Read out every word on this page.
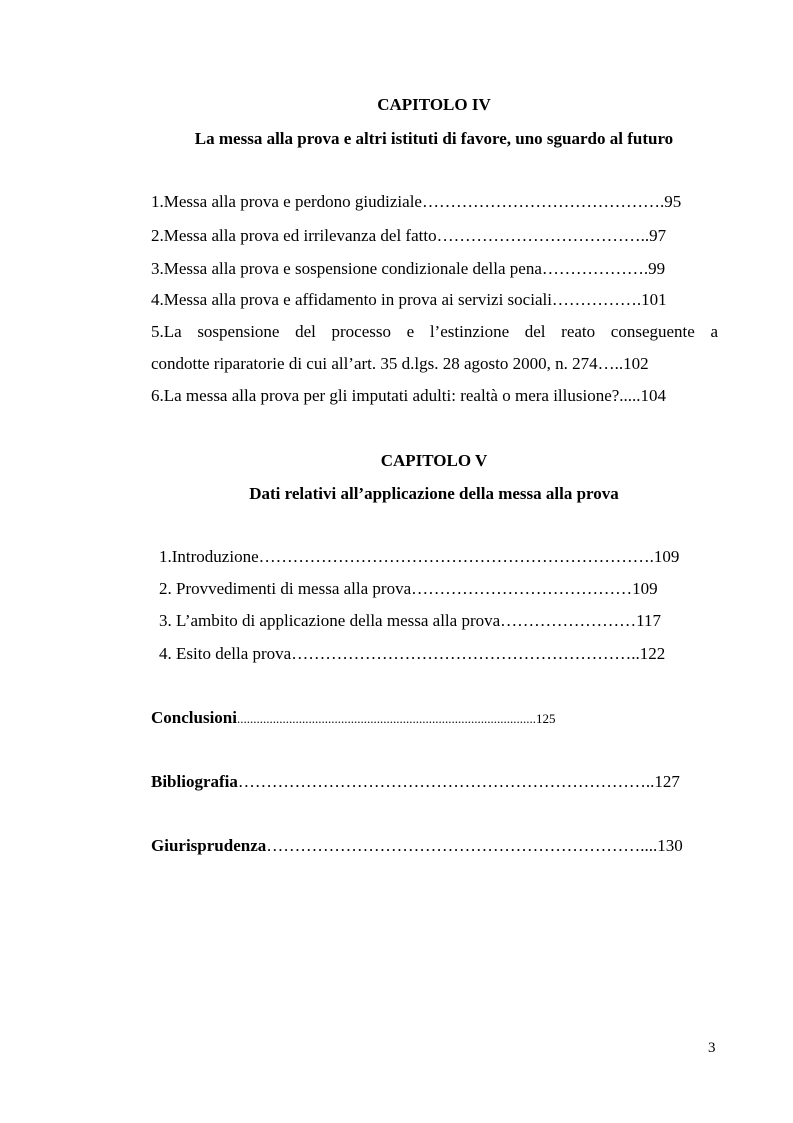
CAPITOLO IV
La messa alla prova e altri istituti di favore, uno sguardo al futuro
1.Messa alla prova e perdono giudiziale…………………………………….95
2.Messa alla prova ed irrilevanza del fatto………………………………..97
3.Messa alla prova e sospensione condizionale della pena……………….99
4.Messa alla prova e affidamento in prova ai servizi sociali…………….101
5.La sospensione del processo e l’estinzione del reato conseguente a
condotte riparatorie di cui all’art. 35 d.lgs. 28 agosto 2000, n. 274…..102
6.La messa alla prova per gli imputati adulti: realtà o mera illusione?.....104
CAPITOLO V
Dati relativi all’applicazione della messa alla prova
1.Introduzione…………………………………………………………….109
2. Provvedimenti di messa alla prova…………………………………109
3. L’ambito di applicazione della messa alla prova……………………117
4. Esito della prova……………………………………………………..122
Conclusioni............................................................................................125
Bibliografia………………………………………………………………..127
Giurisprudenza…………………………………………………………....130
3
